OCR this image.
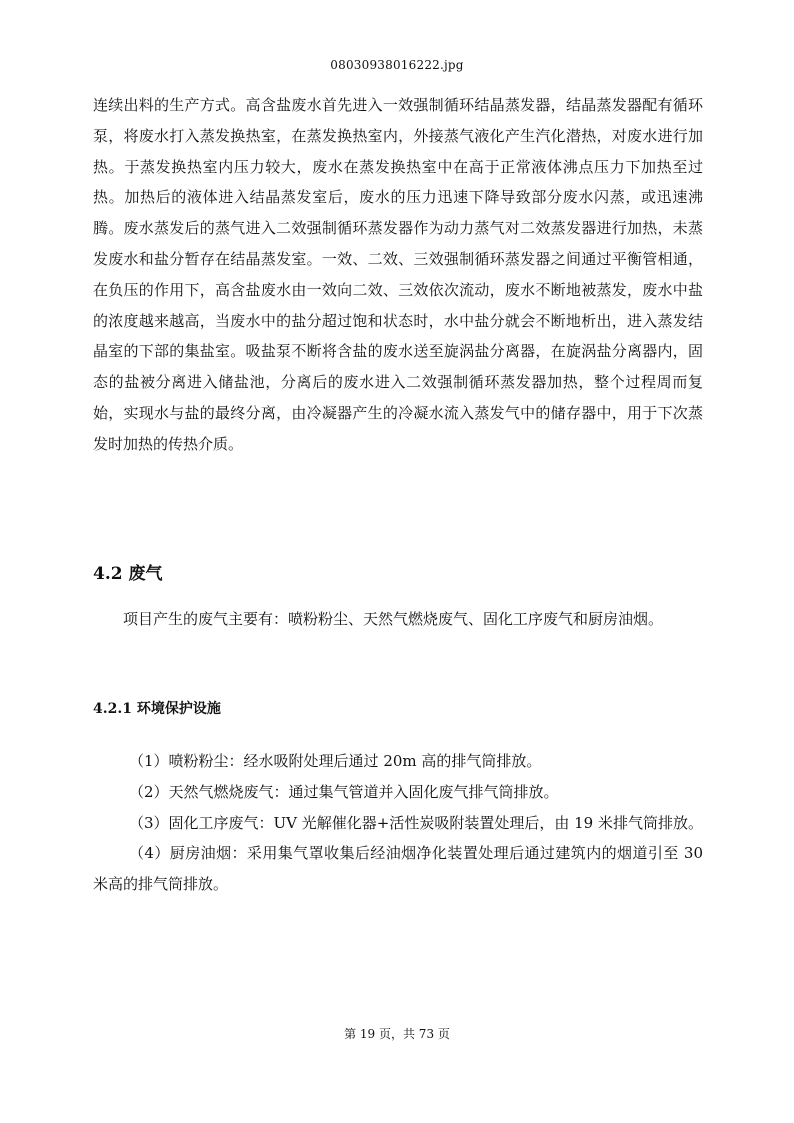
08030938016222.jpg

连续出料的生产方式。高含盐废水首先进入一效强制循环结晶蒸发器，结晶蒸发器配有循环泵，将废水打入蒸发换热室，在蒸发换热室内，外接蒸气液化产生汽化潜热，对废水进行加热。于蒸发换热室内压力较大，废水在蒸发换热室中在高于正常液体沸点压力下加热至过热。加热后的液体进入结晶蒸发室后，废水的压力迅速下降导致部分废水闪蒸，或迅速沸腾。废水蒸发后的蒸气进入二效强制循环蒸发器作为动力蒸气对二效蒸发器进行加热，未蒸发废水和盐分暂存在结晶蒸发室。一效、二效、三效强制循环蒸发器之间通过平衡管相通，在负压的作用下，高含盐废水由一效向二效、三效依次流动，废水不断地被蒸发，废水中盐的浓度越来越高，当废水中的盐分超过饱和状态时，水中盐分就会不断地析出，进入蒸发结晶室的下部的集盐室。吸盐泵不断将含盐的废水送至旋涡盐分离器，在旋涡盐分离器内，固态的盐被分离进入储盐池，分离后的废水进入二效强制循环蒸发器加热，整个过程周而复始，实现水与盐的最终分离，由冷凝器产生的冷凝水流入蒸发气中的储存器中，用于下次蒸发时加热的传热介质。

4.2 废气

项目产生的废气主要有：喷粉粉尘、天然气燃烧废气、固化工序废气和厨房油烟。

4.2.1 环境保护设施

（1）喷粉粉尘：经水吸附处理后通过 20m 高的排气筒排放。

（2）天然气燃烧废气：通过集气管道并入固化废气排气筒排放。

（3）固化工序废气：UV 光解催化器+活性炭吸附装置处理后，由 19 米排气筒排放。

（4）厨房油烟：采用集气罩收集后经油烟净化装置处理后通过建筑内的烟道引至 30 米高的排气筒排放。

第 19 页，共 73 页
